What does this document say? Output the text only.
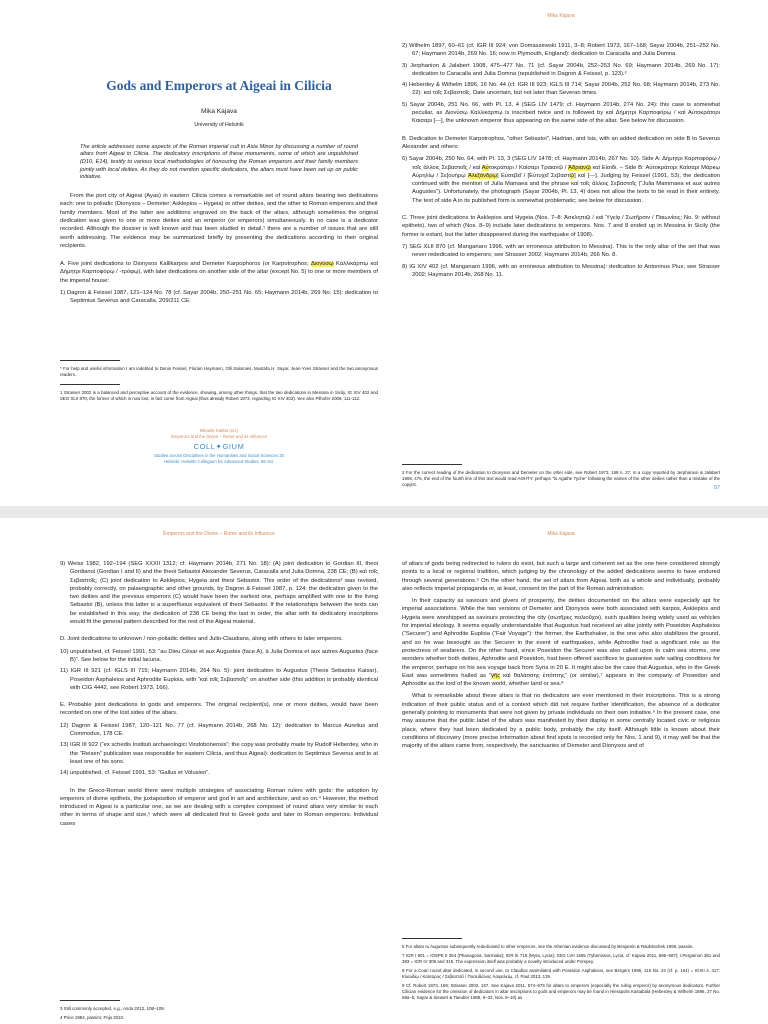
Gods and Emperors at Aigeai in Cilicia
Mika Kajava
University of Helsinki
The article addresses some aspects of the Roman imperial cult in Asia Minor by discussing a number of round altars from Aigeai in Cilicia. The dedicatory inscriptions of these monuments, some of which are unpublished (D10, E14), testify to various local methodologies of honouring the Roman emperors and their family members jointly with local deities. As they do not mention specific dedicators, the altars must have been set up on public initiative.

From the port city of Aigeai (Ayas) in eastern Cilicia comes a remarkable set of round altars bearing two dedications each: one to poliadic (Dionysos – Demeter; Asklepios – Hygeia) or other deities, and the other to Roman emperors and their family members. Most of the latter are additions engraved on the back of the altars, although sometimes the original dedication was given to one or more deities and an emperor (or emperors) simultaneously. In no case is a dedicator recorded. Although the dossier is well known and has been studied in detail,¹ there are a number of issues that are still worth addressing. The evidence may be summarized briefly by presenting the dedications according to their original recipients.

A. Five joint dedications to Dionysos Kallikarpos and Demeter Karpophoros (or Karpotrophos; Διονύσῳ Καλλικάρπῳ καὶ Δήμητρι Καρποφόρῳ / -τρόφῳ), with later dedications on another side of the altar (except No. 5) to one or more members of the imperial house:

1) Dagron & Feissel 1987, 121–124 No. 78 (cf. Sayar 2004b, 250–251 No. 65; Haymann 2014b, 269 No. 15): dedication to Septimius Severus and Caracalla, 209/211 CE.
* For help and useful information I am indebted to Denis Feissel, Florian Haymann, Olli Salomies, Mustafa H. Sayar, Jean-Yves Strasser and the two anonymous readers.
1 Strasser 2002 is a balanced and perceptive account of the evidence, showing, among other things, that the two dedications in Messina in Sicily, IG XIV 402 and SEG XLII 870, the former of which is now lost, in fact come from Aigeai (thus already Robert 1973, regarding IG XIV 402). See also Pilhofer 2006, 111-112.
Mikaela Kabba (ed.)
Emperors and the Divine – Rome and its Influence
COLL✦GIUM
Studies across Disciplines in the Humanities and Social Sciences 20
Helsinki: Helsinki Collegium for Advanced Studies. 56–63.
Mika Kajava
2) Wilhelm 1897, 60–61 (cf. IGR III 924; von Domaszewski 1911, 3–8; Robert 1973, 167–168; Sayar 2004b, 251–252 No. 67; Haymann 2014b, 269 No. 16; now in Plymouth, England): dedication to Caracalla and Julia Domna.
3) Jerphanion & Jalabert 1908, 475–477 No. 71 (cf. Sayar 2004b, 252–253 No. 69; Haymann 2014b, 269 No. 17): dedication to Caracalla and Julia Domna (republished in Dagron & Feissel, p. 123).²
4) Heberdey & Wilhelm 1896, 16 No. 44 (cf. IGR III 923; IGLS III 714; Sayar 2004b, 252 No. 68; Haymann 2014b, 273 No. 22): καὶ τοῖς Σεβαστοῖς. Date uncertain, but not later than Severan times.
5) Sayar 2004b, 251 No. 66, with Pl. 13, 4 (SEG LIV 1479; cf. Haymann 2014b, 274 No. 24): this case is somewhat peculiar, as Διονύσῳ Καλλικάρπῳ is inscribed twice and is followed by καὶ Δήμητρι Καρποφόρῳ / καὶ Αὐτοκράτορι Καισαρι [---], the unknown emperor thus appearing on the same side of the altar. See below for discussion.

B. Dedication to Demeter Karpotrophos, “other Sebastoi”, Hadrian, and Isis, with an added dedication on side B to Severus Alexander and others:

6) Sayar 2004b, 250 No. 64, with Pl. 13, 3 (SEG LIV 1478; cf. Haymann 2014b, 267 No. 10). Side A: Δήμητρι Καρποφόρῳ / τοῖς ἄλλοις Σεβαστοῖς / καὶ Αὐτοκράτορι / Καίσαρι Τραιανῷ / Ἁδριανῷ καὶ Εἰσιδι. – Side B: Αὐτοκράτορι Καίσαρι Μάρκῳ Αὐρηλίῳ / Σε[ουήρῳ Ἀλεξάνδρῳ] Εὐσεβεῖ / [Εὐτυχεῖ Σεβαστῷ] καὶ [---]. Judging by Feissel (1991, 53), the dedication continued with the mention of Julia Mamaea and the phrase καὶ τοῖς ἄλλοις Σεβαστοῖς (“Julia Mammaea et aux autres Augustes”). Unfortunately, the photograph (Sayar 2004b, Pl. 13, 4) does not allow the texts to be read in their entirety. The text of side A in its published form is somewhat problematic; see below for discussion.

C. Three joint dedications to Asklepios and Hygeia (Nos. 7–8: Ἀσκληπιῷ / καὶ Ὑγείᾳ / Σωτῆρσιν / Παιωνίοις; No. 9: without epithets), two of which (Nos. 8–9) include later dedications to emperors. Nos. 7 and 8 ended up in Messina in Sicily (the former is extant, but the latter disappeared during the earthquake of 1908).

7) SEG XLII 870 (cf. Manganaro 1996, with an erroneous attribution to Messina). This is the only altar of the set that was never rededicated to emperors; see Strasser 2002; Haymann 2014b, 266 No. 8.
8) IG XIV 402 (cf. Manganaro 1996, with an erroneous attribution to Messina): dedication to Antoninus Pius; see Strasser 2002; Haymann 2014b, 268 No. 11.
2 For the correct reading of the dedication to Dionysos and Demeter on the other side, see Robert 1973, 168 n. 27. In a copy reported by Jerphanion & Jalabert 1908, 476, the end of the fourth line of this text would read AΘHTY: perhaps “to Agathe Tyche” following the names of the other deities rather than a mistake of the copyist.
57
Emperors and the Divine – Rome and its Influence
9) Weiss 1982, 192–194 (SEG XXXII 1312; cf. Haymann 2014b, 271 No. 18): (A) joint dedication to Gordian III, theoi Gordianoi (Gordian I and II) and the theoi Sebastoi Alexander Severus, Caracalla and Julia Domna, 238 CE; (B) καὶ τοῖς Σεβαστοῖς; (C) joint dedication to Asklepios, Hygeia and theoi Sebastoi. This order of the dedications³ was revised, probably correctly, on palaeographic and other grounds, by Dagron & Feissel 1987, p. 124: the dedication given to the two deities and the previous emperors (C) would have been the earliest one, perhaps amplified with one to the living Sebastoi (B), unless this latter is a superfluous equivalent of theoi Sebastoi. If the relationships between the texts can be established in this way, the dedication of 238 CE being the last in order, the altar with its dedicatory inscriptions would fit the general pattern described for the rest of the Aigeai material.

D. Joint dedications to unknown / non-poliadic deities and Julio-Claudians, along with others to later emperors.

10) unpublished, cf. Feissel 1991, 53: “au Dieu César et aux Augustes (face A), à Julia Domna et aux autres Augustes (face B)”. See below for the initial lacuna.
11) IGR III 921 (cf. IGLS III 715; Haymann 2014b, 264 No. 5): joint dedication to Augustus (Theos Sebastos Kaisar), Poseidon Asphaleios and Aphrodite Euploia, with “καὶ τοῖς Σεβαστοῖς” on another side (this addition is probably identical with CIG 4442, see Robert 1973, 166).

E. Probable joint dedications to gods and emperors. The original recipient(s), one or more deities, would have been recorded on one of the lost sides of the altars.

12) Dagron & Feissel 1987, 120–121 No. 77 (cf. Haymann 2014b, 268 No. 12): dedication to Marcus Aurelius and Commodus, 178 CE.
13) IGR III 922 (“ex schedis Instituti archaeologici Vindobonensis”; the copy was probably made by Rudolf Heberdey, who in the “Reisen” publication was responsible for eastern Cilicia, and thus Aigeai): dedication to Septimius Severus and to at least one of his sons.
14) unpublished, cf. Feissel 1991, 53: “Gallus et Volusien”.

In the Greco-Roman world there were multiple strategies of associating Roman rulers with gods: the adoption by emperors of divine epithets, the juxtaposition of emperor and god in art and architecture, and so on.⁴ However, the method introduced in Aigeai is a particular one, as we are dealing with a complex composed of round altars very similar to each other in terms of shape and size,⁵ which were all dedicated first to Greek gods and later to Roman emperors. Individual cases

3 Still commonly accepted, e.g., Ando 2012, 108–109.
4 Price 1984, passim; Fnja 2010.
Mika Kajava

of altars of gods being redirected to rulers do exist, but such a large and coherent set as the one here considered strongly points to a local or regional tradition, which judging by the chronology of the added dedications seems to have endured through several generations.⁶ On the other hand, the set of altars from Aigeai, both as a whole and individually, probably also reflects imperial propaganda or, at least, consent on the part of the Roman administration.

In their capacity as saviours and givers of prosperity, the deities documented on the altars were especially apt for imperial associations. While the two versions of Demeter and Dionysos were both associated with karpos, Asklepios and Hygeia were worshipped as saviours protecting the city (σωτῆρες πολιοῦχοι), such qualities being widely used as vehicles for imperial ideology. It seems equally understandable that Augustus had received an altar jointly with Poseidon Asphaleios (“Securer”) and Aphrodite Euploia (“Fair Voyage”): the former, the Earthshaker, is the one who also stabilizes the ground, and so he was besought as the Securer in the event of earthquakes, while Aphrodite had a significant role as the protectress of seafarers. On the other hand, since Poseidon the Securer was also called upon to calm sea storms, one wonders whether both deities, Aphrodite and Poseidon, had been offered sacrifices to guarantee safe sailing conditions for the emperor, perhaps on his sea voyage back from Syria in 20 E. It might also be the case that Augustus, who in the Greek East was sometimes hailed as “γῆς καὶ θαλάσσης ἐπόπτης” (or similar),⁷ appears in the company of Poseidon and Aphrodite as the lord of the known world, whether land or sea.⁸

What is remarkable about these altars is that no dedicators are ever mentioned in their inscriptions. This is a strong indication of their public status and of a context which did not require further identification, the absence of a dedicator generally pointing to monuments that were not given by private individuals on their own initiative.⁹ In the present case, one may assume that the public label of the altars was manifested by their display in some centrally located civic or religious place, where they had been dedicated by a public body, probably the city itself. Although little is known about their conditions of discovery (more precise information about find spots is recorded only for Nos. 1 and 9), it may well be that the majority of the altars came from, respectively, the sanctuaries of Demeter and Dionysos and of

5 For altars to Augustus subsequently rededicated to other emperors, see the Athenian evidence discussed by Benjamin & Raubitschek 1959, passim.
7 IGR I 901 = IOSPE II 354 (Phanagoria, Sarmatia); IGR III 719 (Myra, Lycia); SEG LVII 1685 (Tybenissos, Lycia; cf. Kajava 2011, 586–587); I.Pergamon 381 and 383 = IGR IV 309 and 315. The expression itself was probably a novelty introduced under Pompey.
8 For a Coan round altar dedicated, in second use, to Claudius assimilated with Poseidon Asphaleios, see Bergers 1996, 115 No. 24 (cf. p. 154) = IGXII 4, 417: Κλαυδίῳ / Καίσαρος / Σεβαστοῦ / Ποσειδῶνος Ἀσφαλείῳ, cf. Paul 2013, 139.
9 Cf. Robert 1973, 169; Strasser 2002, 157. See Kajava 2011, 574–575 for altars to emperors (especially the ruling emperor) by anonymous dedicators. Further Cilician evidence for the omission of dedicators in altar inscriptions to gods and emperors may be found in Hierapolis Kastabala (Heberdey & Wilhelm 1896, 27 No. 69a–b; Sayar & Siewert & Taeuber 1989, 9–33, Nos. 8–10) as
